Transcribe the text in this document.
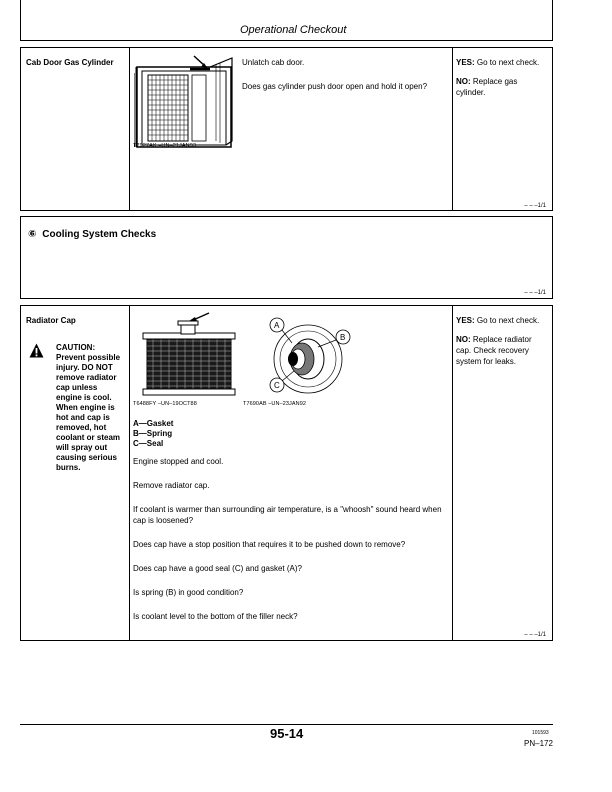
Operational Checkout
Cab Door Gas Cylinder
T7927AK –UN–21JAN93
Unlatch cab door.
Does gas cylinder push door open and hold it open?
YES: Go to next check.
NO: Replace gas cylinder.
– – –1/1
⑥ Cooling System Checks
– – –1/1
Radiator Cap
CAUTION:
Prevent possible
injury. DO NOT
remove radiator
cap unless
engine is cool.
When engine is
hot and cap is
removed, hot
coolant or steam
will spray out
causing serious
burns.
T6488FY –UN–19OCT88
A
B
C
T7690AB –UN–23JAN92
A—Gasket
B—Spring
C—Seal
Engine stopped and cool.
Remove radiator cap.
If coolant is warmer than surrounding air temperature, is a "whoosh" sound heard when cap is loosened?
Does cap have a stop position that requires it to be pushed down to remove?
Does cap have a good seal (C) and gasket (A)?
Is spring (B) in good condition?
Is coolant level to the bottom of the filler neck?
YES: Go to next check.
NO: Replace radiator cap. Check recovery system for leaks.
– – –1/1
95-14	101593
PN–172
